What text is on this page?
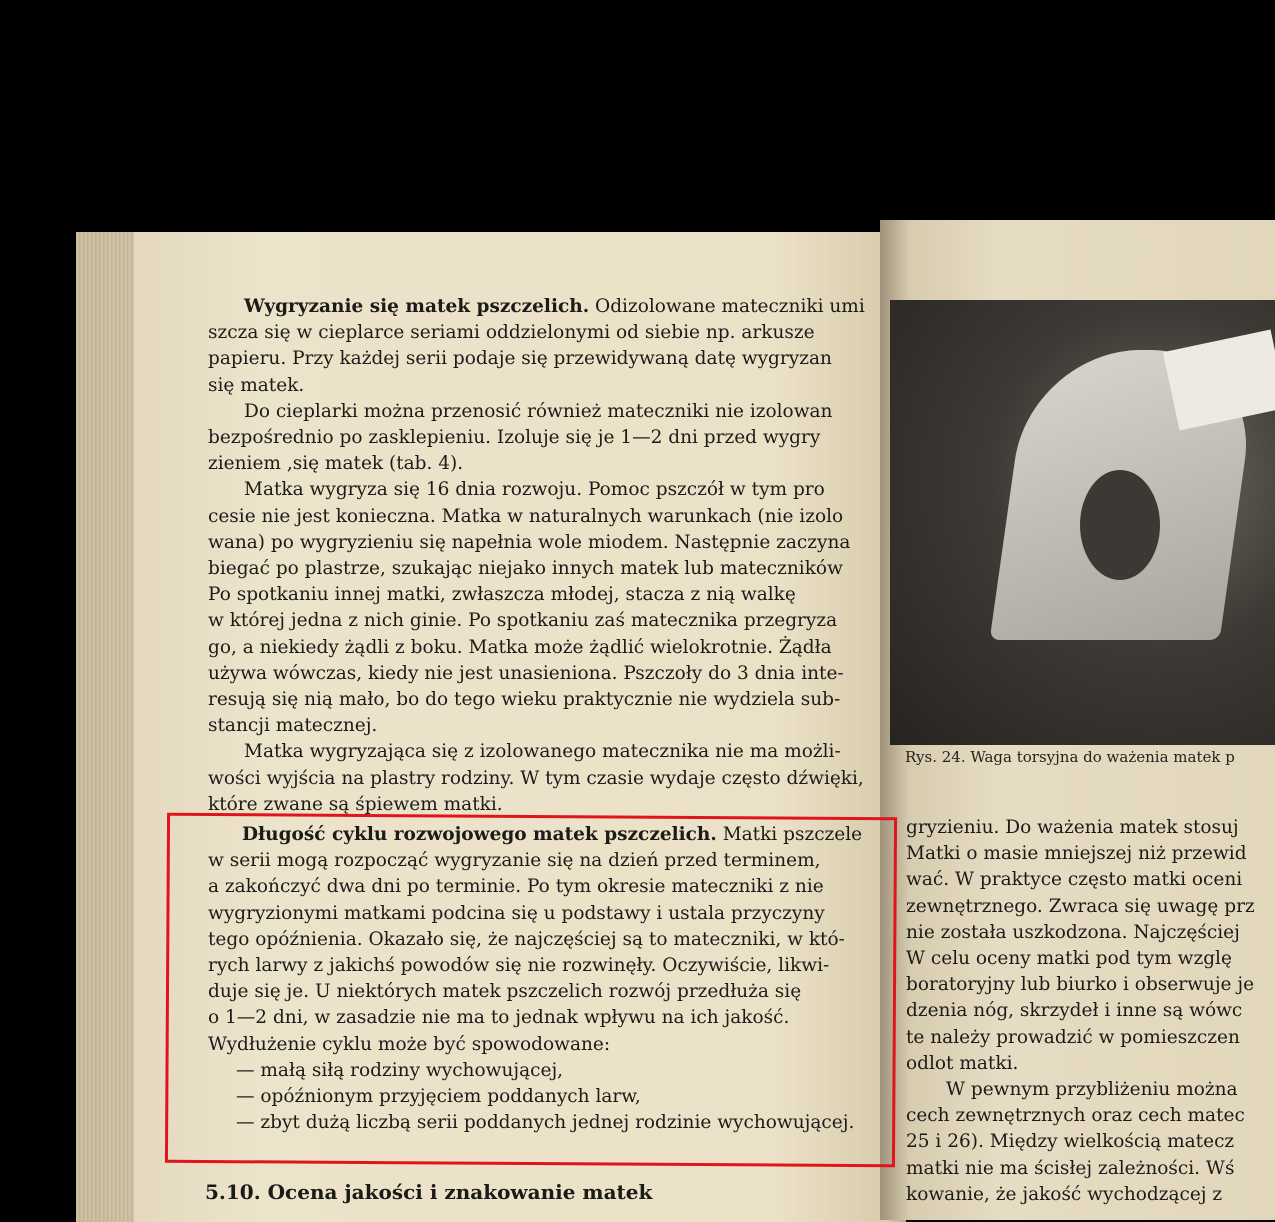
Wygryzanie się matek pszczelich. Odizolowane mateczniki umi
szcza się w cieplarce seriami oddzielonymi od siebie np. arkusze
papieru. Przy każdej serii podaje się przewidywaną datę wygryzan
się matek.

Do cieplarki można przenosić również mateczniki nie izolowan
bezpośrednio po zasklepieniu. Izoluje się je 1—2 dni przed wygry
zieniem ,się matek (tab. 4).

Matka wygryza się 16 dnia rozwoju. Pomoc pszczół w tym pro
cesie nie jest konieczna. Matka w naturalnych warunkach (nie izolo
wana) po wygryzieniu się napełnia wole miodem. Następnie zaczyna
biegać po plastrze, szukając niejako innych matek lub mateczników
Po spotkaniu innej matki, zwłaszcza młodej, stacza z nią walkę
w której jedna z nich ginie. Po spotkaniu zaś matecznika przegryza
go, a niekiedy żądli z boku. Matka może żądlić wielokrotnie. Żądła
używa wówczas, kiedy nie jest unasieniona. Pszczoły do 3 dnia inte-
resują się nią mało, bo do tego wieku praktycznie nie wydziela sub-
stancji matecznej.

Matka wygryzająca się z izolowanego matecznika nie ma możli-
wości wyjścia na plastry rodziny. W tym czasie wydaje często dźwięki,
które zwane są śpiewem matki.

Długość cyklu rozwojowego matek pszczelich. Matki pszczele
w serii mogą rozpocząć wygryzanie się na dzień przed terminem,
a zakończyć dwa dni po terminie. Po tym okresie mateczniki z nie
wygryzionymi matkami podcina się u podstawy i ustala przyczyny
tego opóźnienia. Okazało się, że najczęściej są to mateczniki, w któ-
rych larwy z jakichś powodów się nie rozwinęły. Oczywiście, likwi-
duje się je. U niektórych matek pszczelich rozwój przedłuża się
o 1—2 dni, w zasadzie nie ma to jednak wpływu na ich jakość.
Wydłużenie cyklu może być spowodowane:
— małą siłą rodziny wychowującej,
— opóźnionym przyjęciem poddanych larw,
— zbyt dużą liczbą serii poddanych jednej rodzinie wychowującej.

5.10. Ocena jakości i znakowanie matek
Rys. 24. Waga torsyjna do ważenia matek p
gryzieniu. Do ważenia matek stosuj
Matki o masie mniejszej niż przewid
wać. W praktyce często matki oceni
zewnętrznego. Zwraca się uwagę prz
nie została uszkodzona. Najczęściej
W celu oceny matki pod tym wzglę
boratoryjny lub biurko i obserwuje je
dzenia nóg, skrzydeł i inne są wówc
te należy prowadzić w pomieszczen
odlot matki.
W pewnym przybliżeniu można
cech zewnętrznych oraz cech matec
25 i 26). Między wielkością matecz
matki nie ma ścisłej zależności. Wś
kowanie, że jakość wychodzącej z
